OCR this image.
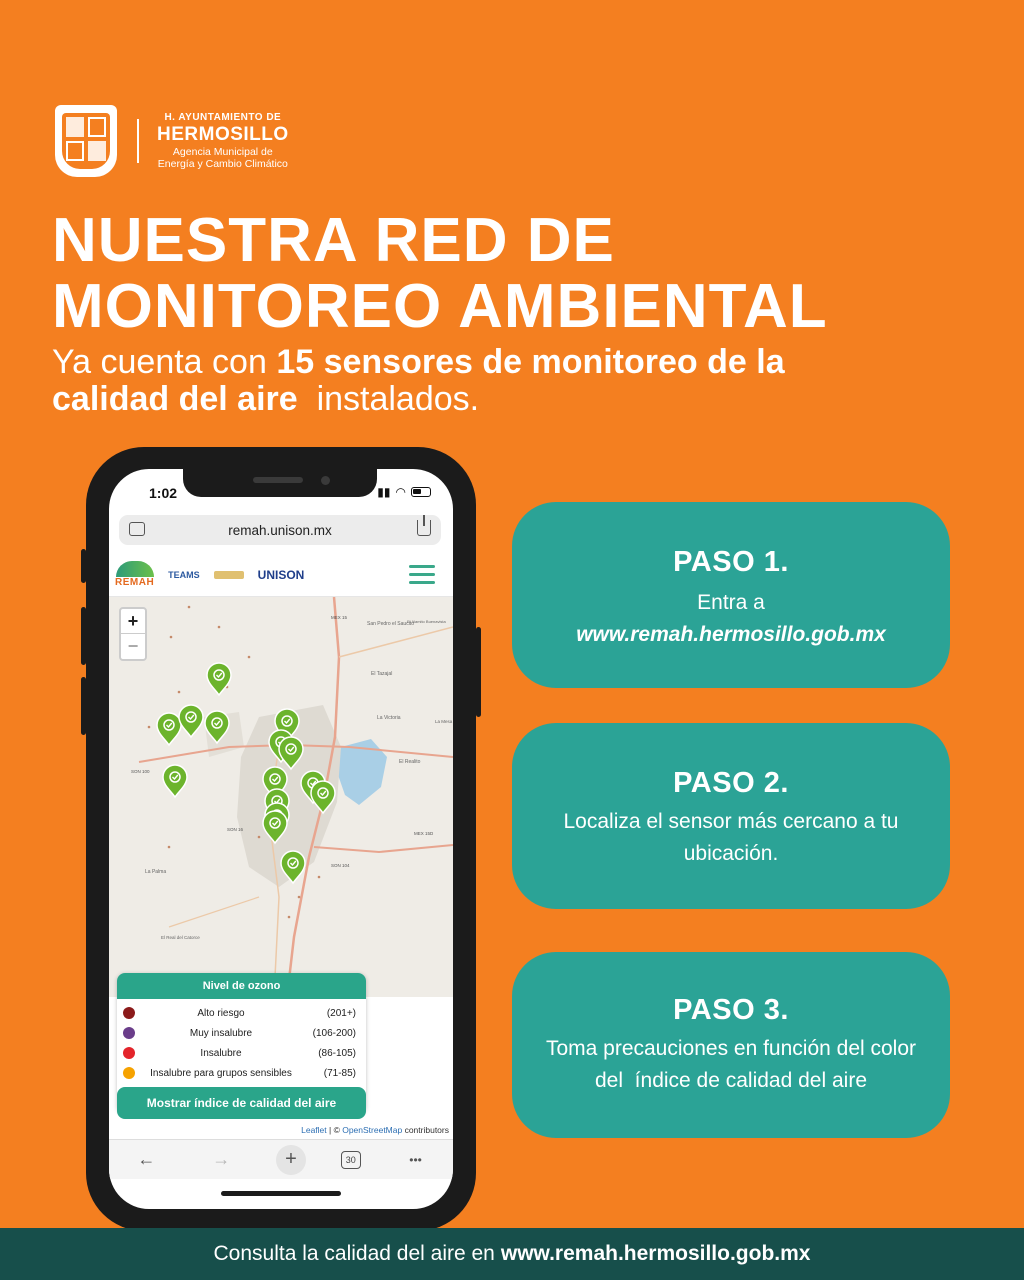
H. AYUNTAMIENTO DE
HERMOSILLO
Agencia Municipal de
Energía y Cambio Climático
NUESTRA RED DE
MONITOREO AMBIENTAL
Ya cuenta con 15 sensores de monitoreo de la
calidad del aire  instalados.
1:02	▮▮ ◠
remah.unison.mx
REMAH
TEAMS	UNISON
+
−
San Pedro el Saucito
El Alamito Buenavista
El Tazajal
La Victoria
El Realito
SON 100
SON 16
MEX 15
MEX 15D
SON 104
La Palma
El Real del Catorce
La Mesa
Nivel de ozono
Alto riesgo	(201+)
Muy insalubre	(106-200)
Insalubre	(86-105)
Insalubre para grupos sensibles	(71-85)
Mostrar índice de calidad del aire
Leaflet | © OpenStreetMap contributors
←	→	+	30	•••
PASO 1.
Entra a
www.remah.hermosillo.gob.mx
PASO 2.
Localiza el sensor más cercano a tu ubicación.
PASO 3.
Toma precauciones en función del color del  índice de calidad del aire
Consulta la calidad del aire en www.remah.hermosillo.gob.mx
